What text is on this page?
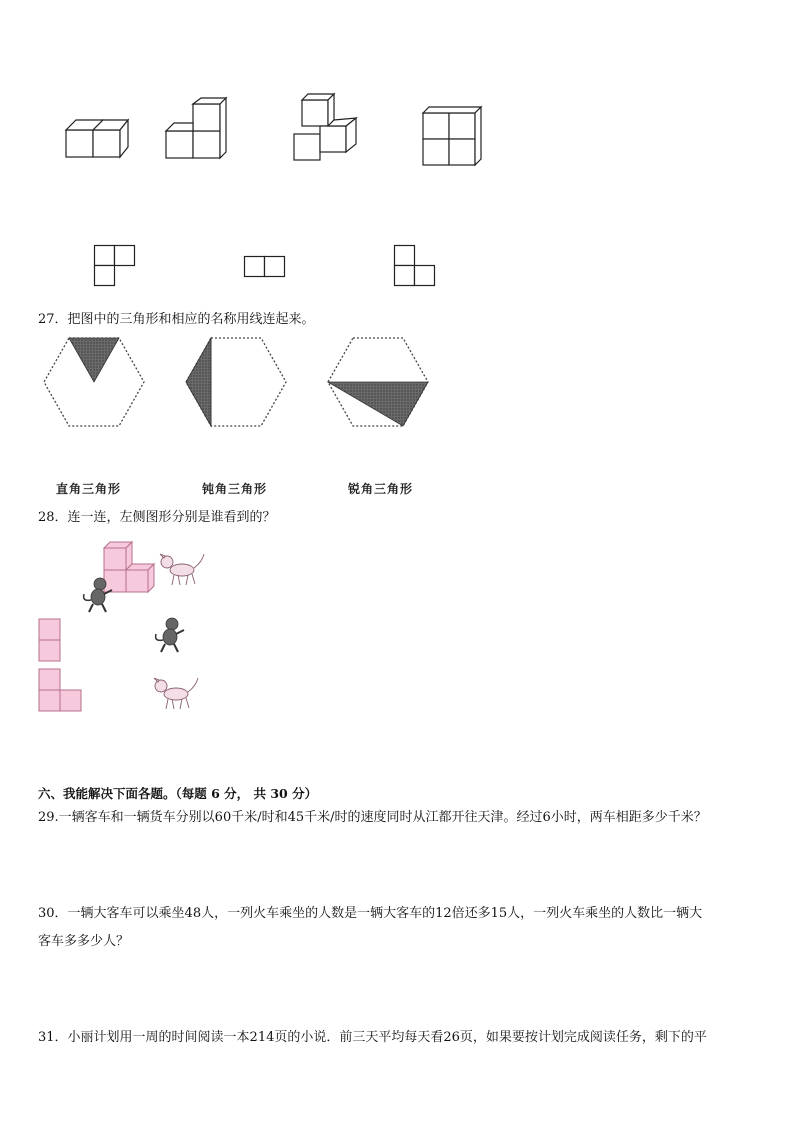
27．把图中的三角形和相应的名称用线连起来。
直角三角形	钝角三角形	锐角三角形
28．连一连，左侧图形分别是谁看到的？
六、我能解决下面各题。（每题 6 分， 共 30 分）
29.一辆客车和一辆货车分别以60千米/时和45千米/时的速度同时从江都开往天津。经过6小时，两车相距多少千米？
30．一辆大客车可以乘坐48人，一列火车乘坐的人数是一辆大客车的12倍还多15人，一列火车乘坐的人数比一辆大
客车多多少人？
31．小丽计划用一周的时间阅读一本214页的小说．前三天平均每天看26页，如果要按计划完成阅读任务，剩下的平
